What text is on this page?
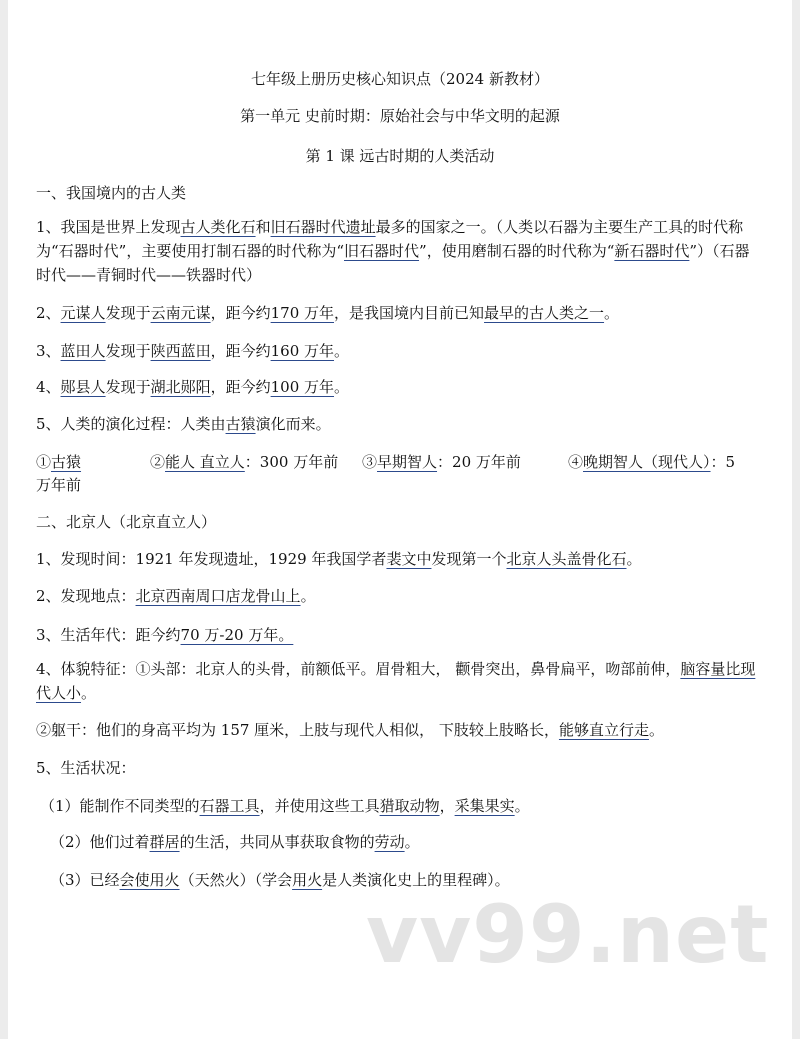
七年级上册历史核心知识点（2024 新教材）
第一单元 史前时期：原始社会与中华文明的起源
第 1 课 远古时期的人类活动
一、我国境内的古人类
1、我国是世界上发现古人类化石和旧石器时代遗址最多的国家之一。（人类以石器为主要生产工具的时代称为“石器时代”，主要使用打制石器的时代称为“旧石器时代”，使用磨制石器的时代称为“新石器时代”）（石器时代——青铜时代——铁器时代）
2、元谋人发现于云南元谋，距今约170 万年，是我国境内目前已知最早的古人类之一。
3、蓝田人发现于陕西蓝田，距今约160 万年。
4、郧县人发现于湖北郧阳，距今约100 万年。
5、人类的演化过程：人类由古猿演化而来。
①古猿	②能人 直立人：300 万年前 ③早期智人：20 万年前	④晚期智人（现代人）：5
万年前
二、北京人（北京直立人）
1、发现时间：1921 年发现遗址，1929 年我国学者裴文中发现第一个北京人头盖骨化石。
2、发现地点：北京西南周口店龙骨山上。
3、生活年代：距今约70 万-20 万年。
4、体貌特征：①头部：北京人的头骨，前额低平。眉骨粗大， 颧骨突出，鼻骨扁平，吻部前伸，脑容量比现代人小。
②躯干：他们的身高平均为 157 厘米，上肢与现代人相似， 下肢较上肢略长，能够直立行走。
5、生活状况：
（1）能制作不同类型的石器工具，并使用这些工具猎取动物，采集果实。
（2）他们过着群居的生活，共同从事获取食物的劳动。
（3）已经会使用火（天然火）（学会用火是人类演化史上的里程碑）。
vv99.net
